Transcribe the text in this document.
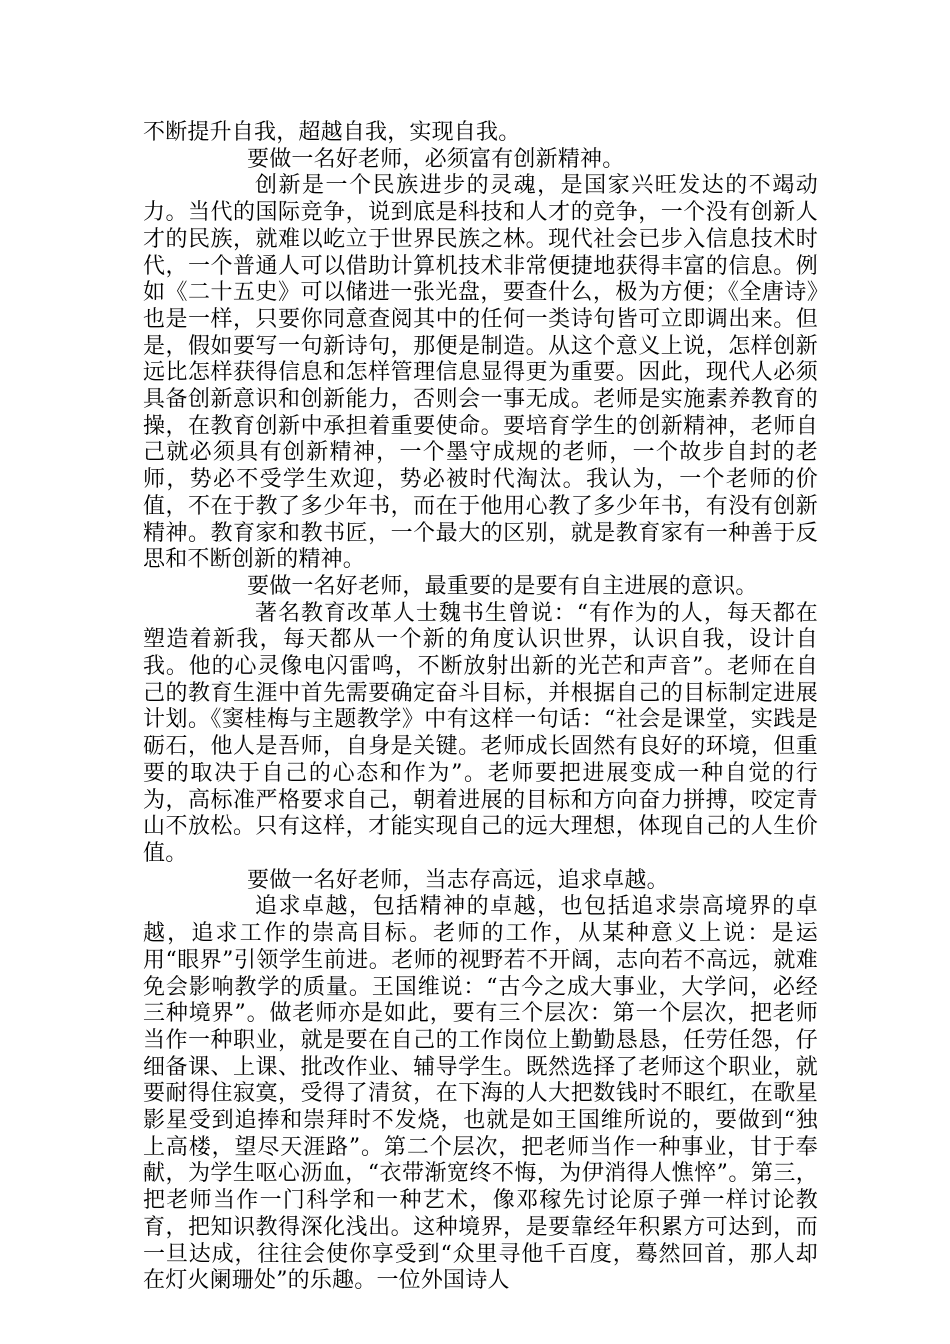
不断提升自我，超越自我，实现自我。

要做一名好老师，必须富有创新精神。

创新是一个民族进步的灵魂，是国家兴旺发达的不竭动力。当代的国际竞争，说到底是科技和人才的竞争，一个没有创新人才的民族，就难以屹立于世界民族之林。现代社会已步入信息技术时代，一个普通人可以借助计算机技术非常便捷地获得丰富的信息。例如《二十五史》可以储进一张光盘，要查什么，极为方便；《全唐诗》也是一样，只要你同意查阅其中的任何一类诗句皆可立即调出来。但是，假如要写一句新诗句，那便是制造。从这个意义上说，怎样创新远比怎样获得信息和怎样管理信息显得更为重要。因此，现代人必须具备创新意识和创新能力，否则会一事无成。老师是实施素养教育的操，在教育创新中承担着重要使命。要培育学生的创新精神，老师自己就必须具有创新精神，一个墨守成规的老师，一个故步自封的老师，势必不受学生欢迎，势必被时代淘汰。我认为，一个老师的价值，不在于教了多少年书，而在于他用心教了多少年书，有没有创新精神。教育家和教书匠，一个最大的区别，就是教育家有一种善于反思和不断创新的精神。

要做一名好老师，最重要的是要有自主进展的意识。

著名教育改革人士魏书生曾说：“有作为的人，每天都在塑造着新我，每天都从一个新的角度认识世界，认识自我，设计自我。他的心灵像电闪雷鸣，不断放射出新的光芒和声音”。老师在自己的教育生涯中首先需要确定奋斗目标，并根据自己的目标制定进展计划。《窦桂梅与主题教学》中有这样一句话：“社会是课堂，实践是砺石，他人是吾师，自身是关键。老师成长固然有良好的环境，但重要的取决于自己的心态和作为”。老师要把进展变成一种自觉的行为，高标准严格要求自己，朝着进展的目标和方向奋力拼搏，咬定青山不放松。只有这样，才能实现自己的远大理想，体现自己的人生价值。

要做一名好老师，当志存高远，追求卓越。

追求卓越，包括精神的卓越，也包括追求崇高境界的卓越，追求工作的崇高目标。老师的工作，从某种意义上说：是运用“眼界”引领学生前进。老师的视野若不开阔，志向若不高远，就难免会影响教学的质量。王国维说：“古今之成大事业，大学问，必经三种境界”。做老师亦是如此，要有三个层次：第一个层次，把老师当作一种职业，就是要在自己的工作岗位上勤勤恳恳，任劳任怨，仔细备课、上课、批改作业、辅导学生。既然选择了老师这个职业，就要耐得住寂寞，受得了清贫，在下海的人大把数钱时不眼红，在歌星影星受到追捧和崇拜时不发烧，也就是如王国维所说的，要做到“独上高楼，望尽天涯路”。第二个层次，把老师当作一种事业，甘于奉献，为学生呕心沥血，“衣带渐宽终不悔，为伊消得人憔悴”。第三，把老师当作一门科学和一种艺术，像邓稼先讨论原子弹一样讨论教育，把知识教得深化浅出。这种境界，是要靠经年积累方可达到，而一旦达成，往往会使你享受到“众里寻他千百度，蓦然回首，那人却在灯火阑珊处”的乐趣。一位外国诗人
